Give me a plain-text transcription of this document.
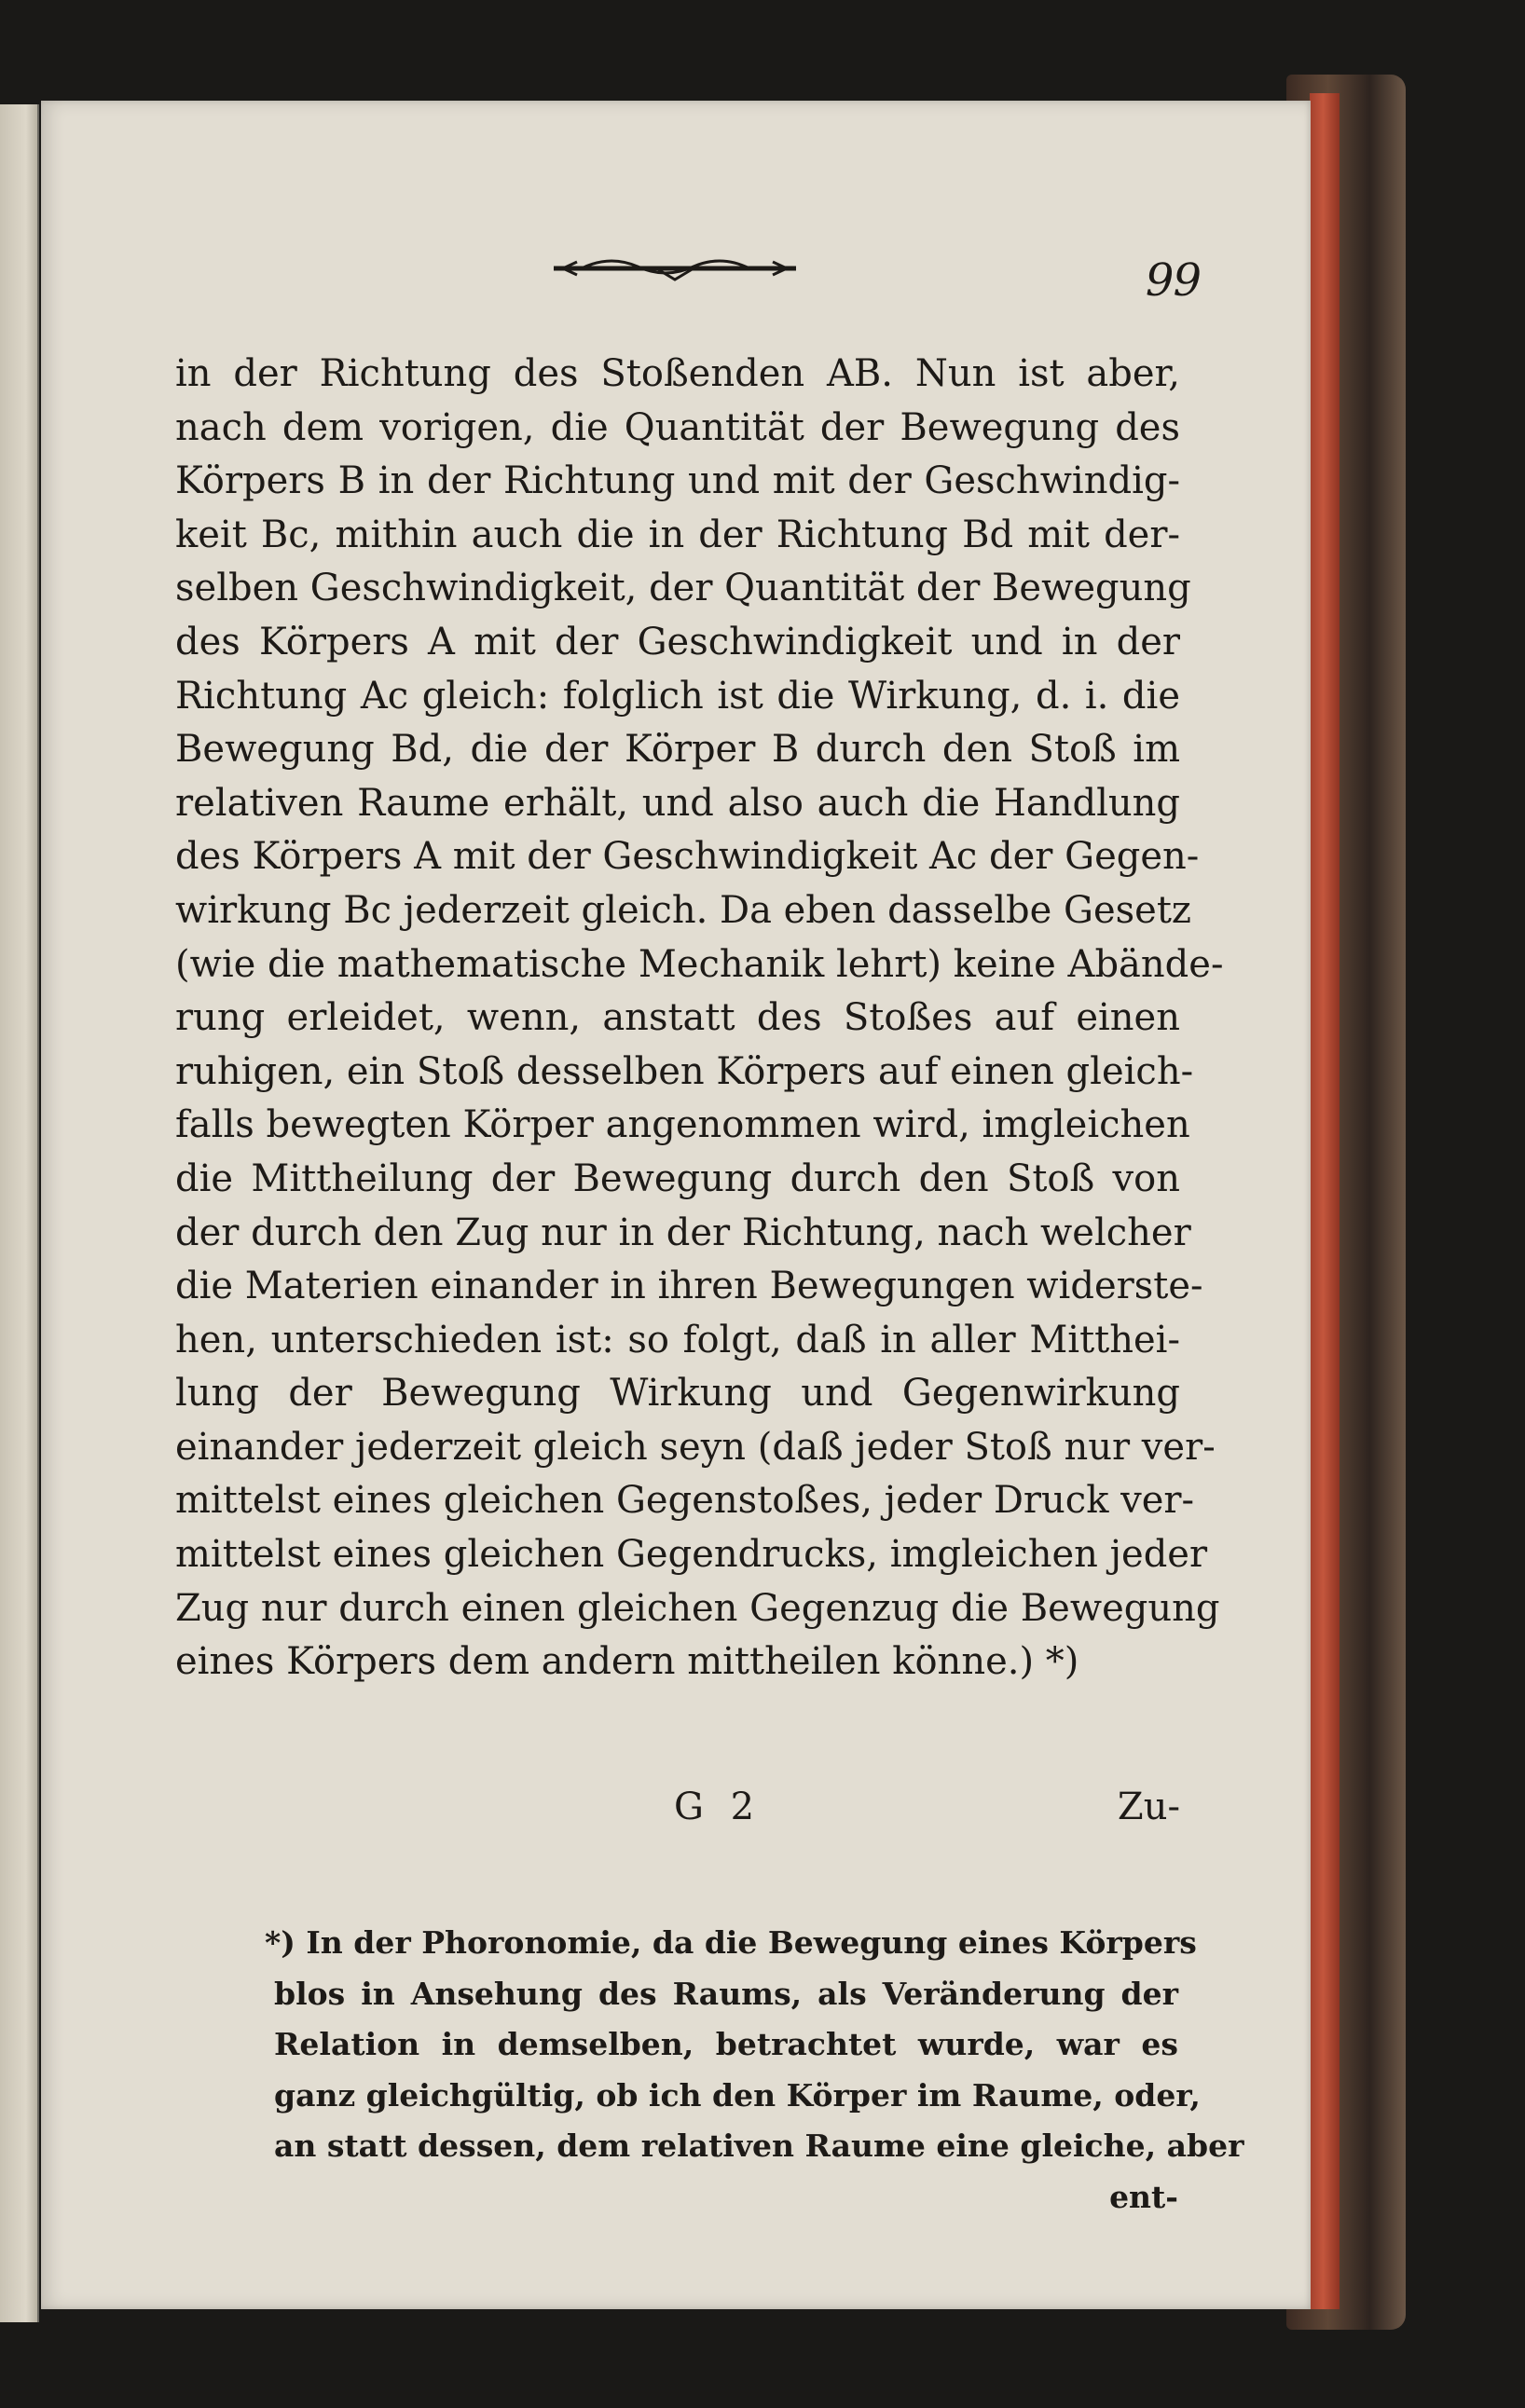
99
in der Richtung des Stoßenden AB. Nun ist aber,
nach dem vorigen, die Quantität der Bewegung des
Körpers B in der Richtung und mit der Geschwindig-
keit Bc, mithin auch die in der Richtung Bd mit der-
selben Geschwindigkeit, der Quantität der Bewegung
des Körpers A mit der Geschwindigkeit und in der
Richtung Ac gleich: folglich ist die Wirkung, d. i. die
Bewegung Bd, die der Körper B durch den Stoß im
relativen Raume erhält, und also auch die Handlung
des Körpers A mit der Geschwindigkeit Ac der Gegen-
wirkung Bc jederzeit gleich. Da eben dasselbe Gesetz
(wie die mathematische Mechanik lehrt) keine Abände-
rung erleidet, wenn, anstatt des Stoßes auf einen
ruhigen, ein Stoß desselben Körpers auf einen gleich-
falls bewegten Körper angenommen wird, imgleichen
die Mittheilung der Bewegung durch den Stoß von
der durch den Zug nur in der Richtung, nach welcher
die Materien einander in ihren Bewegungen widerste-
hen, unterschieden ist: so folgt, daß in aller Mitthei-
lung der Bewegung Wirkung und Gegenwirkung
einander jederzeit gleich seyn (daß jeder Stoß nur ver-
mittelst eines gleichen Gegenstoßes, jeder Druck ver-
mittelst eines gleichen Gegendrucks, imgleichen jeder
Zug nur durch einen gleichen Gegenzug die Bewegung
eines Körpers dem andern mittheilen könne.) *)
G 2	Zu-
*) In der Phoronomie, da die Bewegung eines Körpers
blos in Ansehung des Raums, als Veränderung der
Relation in demselben, betrachtet wurde, war es
ganz gleichgültig, ob ich den Körper im Raume, oder,
an statt dessen, dem relativen Raume eine gleiche, aber
ent-
